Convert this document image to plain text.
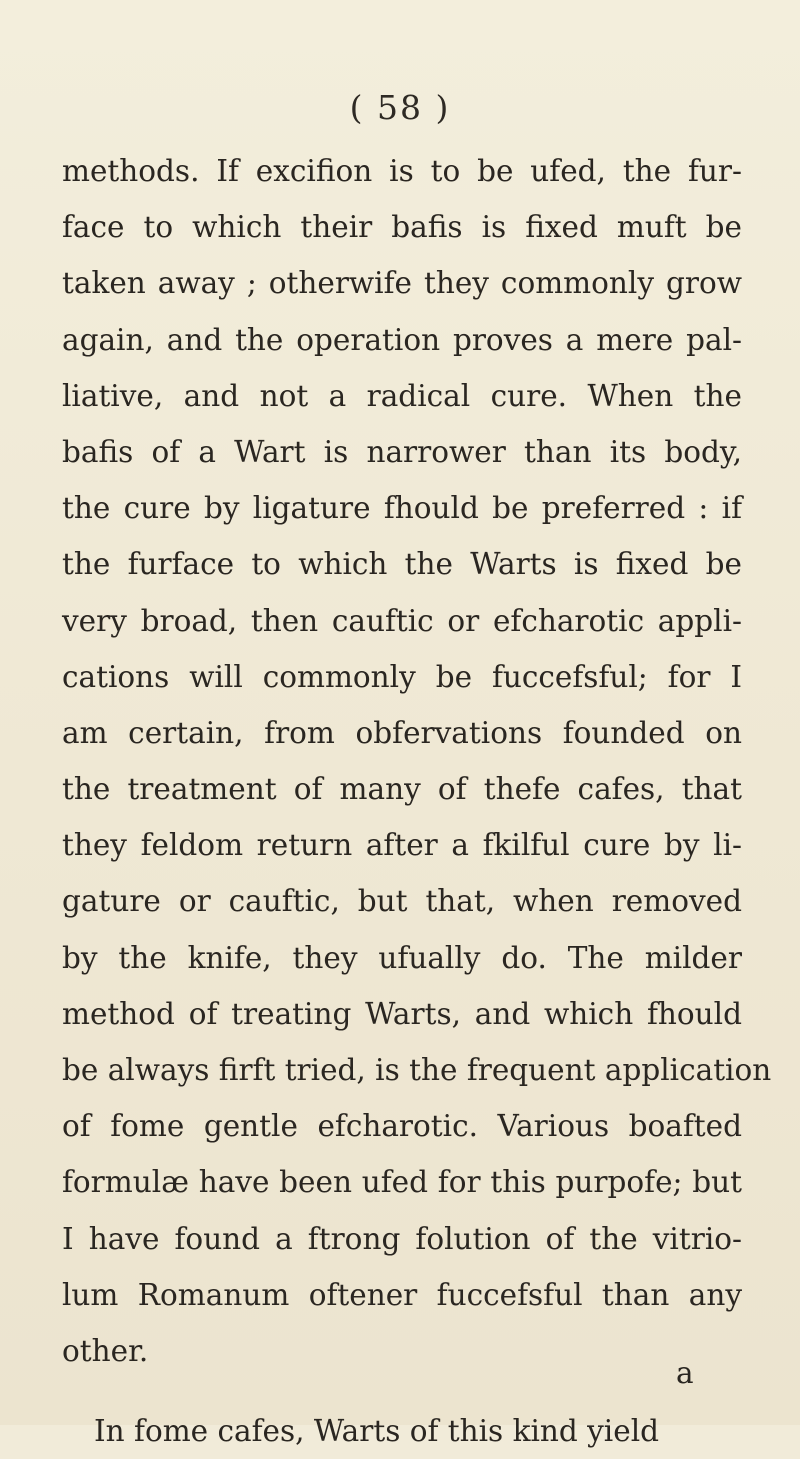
( 58 )
methods. If excifion is to be ufed, the fur-
face to which their bafis is fixed muft be
taken away ; otherwife they commonly grow
again, and the operation proves a mere pal-
liative, and not a radical cure. When the
bafis of a Wart is narrower than its body,
the cure by ligature fhould be preferred : if
the furface to which the Warts is fixed be
very broad, then cauftic or efcharotic appli-
cations will commonly be fuccefsful; for I
am certain, from obfervations founded on
the treatment of many of thefe cafes, that
they feldom return after a fkilful cure by li-
gature or cauftic, but that, when removed
by the knife, they ufually do. The milder
method of treating Warts, and which fhould
be always firft tried, is the frequent application
of fome gentle efcharotic. Various boafted
formulæ have been ufed for this purpofe; but
I have found a ftrong folution of the vitrio-
lum Romanum oftener fuccefsful than any
other.
In fome cafes, Warts of this kind yield
a
